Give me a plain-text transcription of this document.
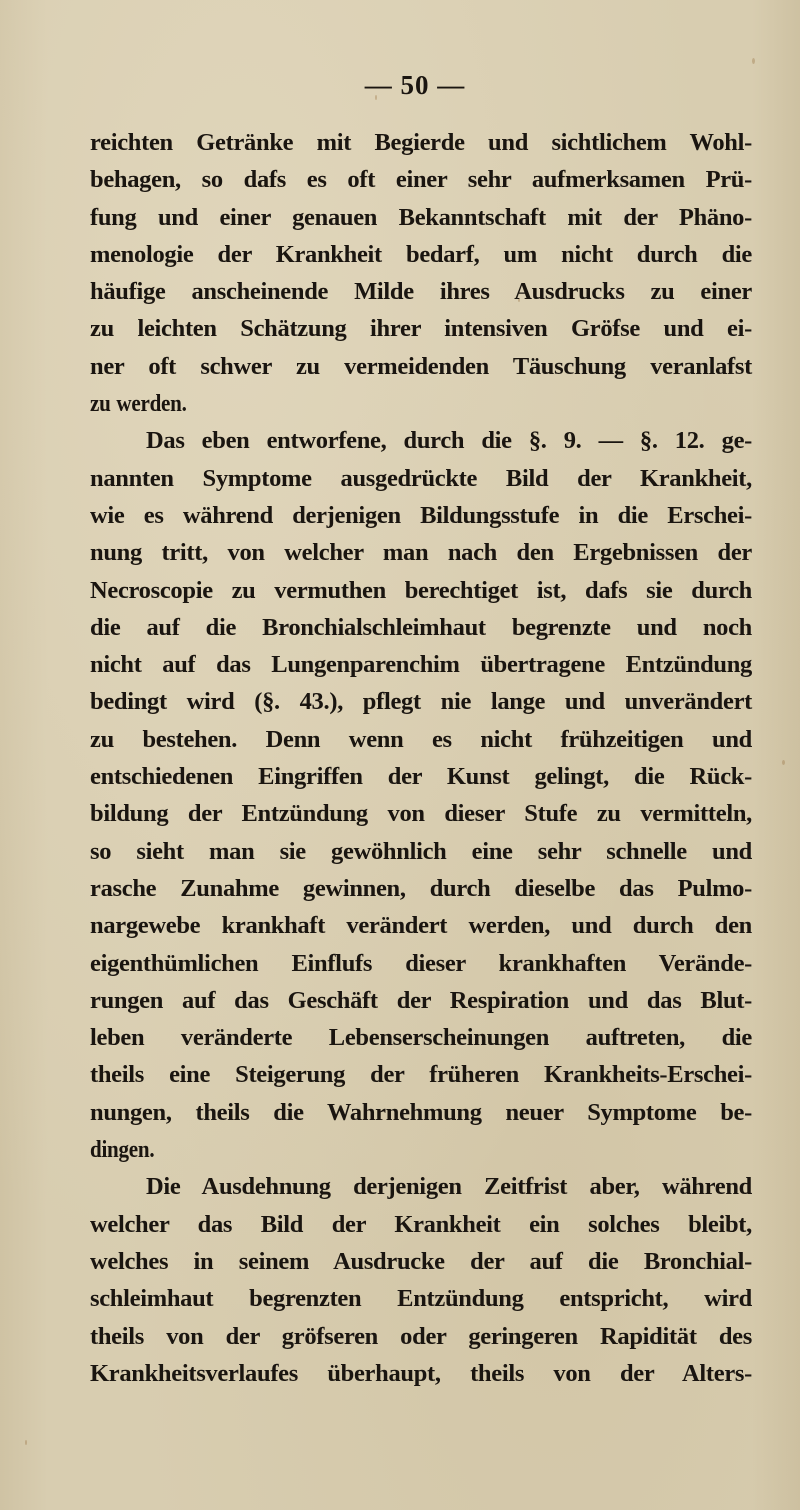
— 50 —
reichten Getränke mit Begierde und sichtlichem Wohl-
behagen, so dafs es oft einer sehr aufmerksamen Prü-
fung und einer genauen Bekanntschaft mit der Phäno-
menologie der Krankheit bedarf, um nicht durch die
häufige anscheinende Milde ihres Ausdrucks zu einer
zu leichten Schätzung ihrer intensiven Gröfse und ei-
ner oft schwer zu vermeidenden Täuschung veranlafst
zu werden.
Das eben entworfene, durch die §. 9. — §. 12. ge-
nannten Symptome ausgedrückte Bild der Krankheit,
wie es während derjenigen Bildungsstufe in die Erschei-
nung tritt, von welcher man nach den Ergebnissen der
Necroscopie zu vermuthen berechtiget ist, dafs sie durch
die auf die Bronchialschleimhaut begrenzte und noch
nicht auf das Lungenparenchim übertragene Entzündung
bedingt wird (§. 43.), pflegt nie lange und unverändert
zu bestehen. Denn wenn es nicht frühzeitigen und
entschiedenen Eingriffen der Kunst gelingt, die Rück-
bildung der Entzündung von dieser Stufe zu vermitteln,
so sieht man sie gewöhnlich eine sehr schnelle und
rasche Zunahme gewinnen, durch dieselbe das Pulmo-
nargewebe krankhaft verändert werden, und durch den
eigenthümlichen Einflufs dieser krankhaften Verände-
rungen auf das Geschäft der Respiration und das Blut-
leben veränderte Lebenserscheinungen auftreten, die
theils eine Steigerung der früheren Krankheits-Erschei-
nungen, theils die Wahrnehmung neuer Symptome be-
dingen.
Die Ausdehnung derjenigen Zeitfrist aber, während
welcher das Bild der Krankheit ein solches bleibt,
welches in seinem Ausdrucke der auf die Bronchial-
schleimhaut begrenzten Entzündung entspricht, wird
theils von der gröfseren oder geringeren Rapidität des
Krankheitsverlaufes überhaupt, theils von der Alters-
